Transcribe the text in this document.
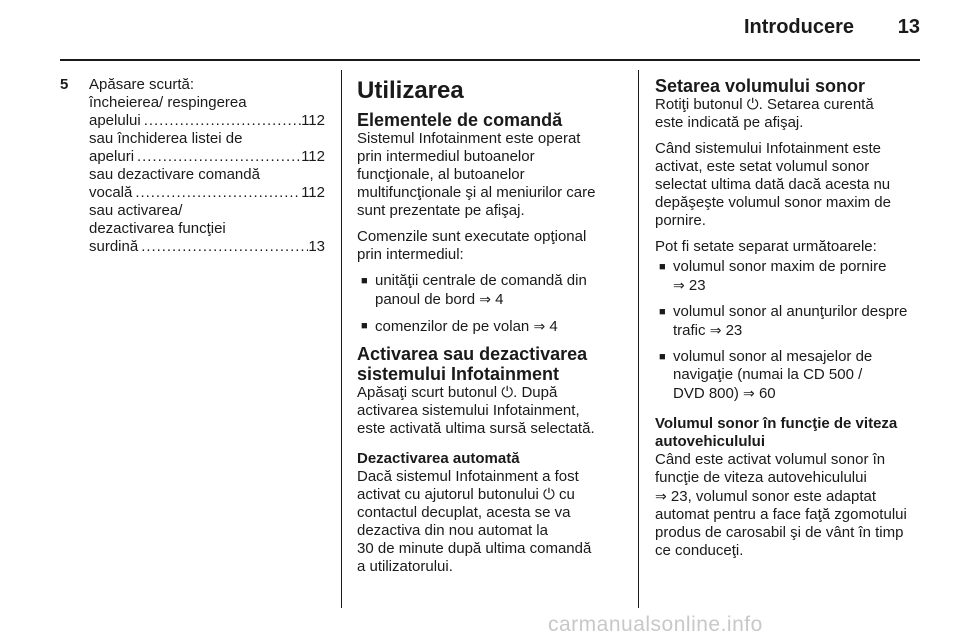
Introducere	13
5 Apăsare scurtă:

încheierea/ respingerea

apelului . . .	112

sau închiderea listei de

apeluri . . .	112

sau dezactivare comandă

vocală . . .	112

sau activarea/

dezactivarea funcţiei

surdină . . .	13
Utilizarea
Elementele de comandă

Sistemul Infotainment este operat
prin intermediul butoanelor
funcţionale, al butoanelor
multifuncţionale şi al meniurilor care
sunt prezentate pe afişaj.

Comenzile sunt executate opţional
prin intermediul:

■ unităţii centrale de comandă din
panoul de bord ⇒ 4
■ comenzilor de pe volan ⇒ 4
Activarea sau dezactivarea
sistemului Infotainment

Apăsaţi scurt butonul ⏻. După
activarea sistemului Infotainment,
este activată ultima sursă selectată.

Dezactivarea automată

Dacă sistemul Infotainment a fost
activat cu ajutorul butonului ⏻ cu
contactul decuplat, acesta se va
dezactiva din nou automat la
30 de minute după ultima comandă
a utilizatorului.

Setarea volumului sonor

Rotiţi butonul ⏻. Setarea curentă
este indicată pe afişaj.

Când sistemului Infotainment este
activat, este setat volumul sonor
selectat ultima dată dacă acesta nu
depăşeşte volumul sonor maxim de
pornire.

Pot fi setate separat următoarele:

■ volumul sonor maxim de pornire
⇒ 23
■ volumul sonor al anunţurilor despre
trafic ⇒ 23
■ volumul sonor al mesajelor de
navigaţie (numai la CD 500 /
DVD 800) ⇒ 60
Volumul sonor în funcţie de viteza
autovehiculului

Când este activat volumul sonor în
funcţie de viteza autovehiculului
⇒ 23, volumul sonor este adaptat
automat pentru a face faţă zgomotului
produs de carosabil şi de vânt în timp
ce conduceţi.

carmanualsonline.info
